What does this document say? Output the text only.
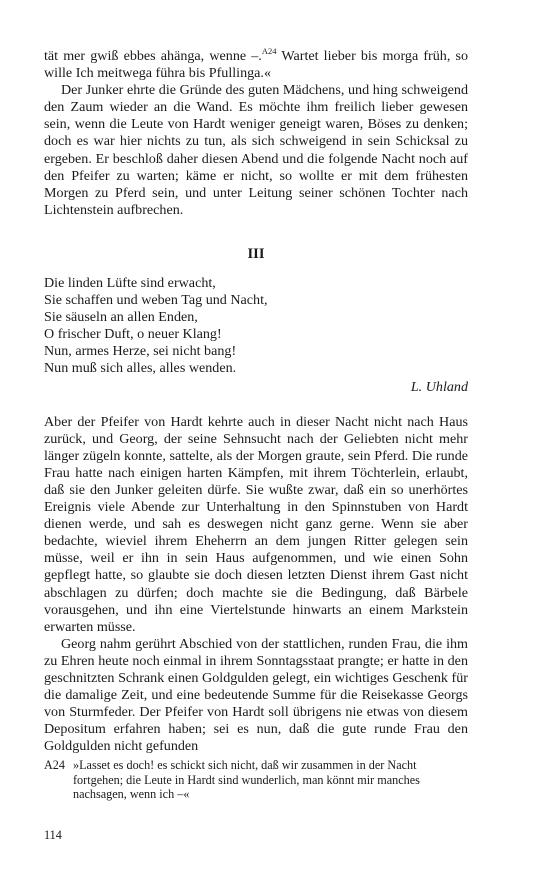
tät mer gwiß ebbes ahänga, wenne –.$^{A24}$ Wartet lieber bis morga früh, so wille Ich meitwega führa bis Pfullinga.«

Der Junker ehrte die Gründe des guten Mädchens, und hing schweigend den Zaum wieder an die Wand. Es möchte ihm freilich lieber gewesen sein, wenn die Leute von Hardt weniger geneigt waren, Böses zu denken; doch es war hier nichts zu tun, als sich schweigend in sein Schicksal zu ergeben. Er beschloß daher diesen Abend und die folgende Nacht noch auf den Pfeifer zu warten; käme er nicht, so wollte er mit dem frühesten Morgen zu Pferd sein, und unter Leitung seiner schönen Tochter nach Lichtenstein aufbrechen.

III
Die linden Lüfte sind erwacht,
Sie schaffen und weben Tag und Nacht,
Sie säuseln an allen Enden,
O frischer Duft, o neuer Klang!
Nun, armes Herze, sei nicht bang!
Nun muß sich alles, alles wenden.
L. Uhland

Aber der Pfeifer von Hardt kehrte auch in dieser Nacht nicht nach Haus zurück, und Georg, der seine Sehnsucht nach der Geliebten nicht mehr länger zügeln konnte, sattelte, als der Morgen graute, sein Pferd. Die runde Frau hatte nach einigen harten Kämpfen, mit ihrem Töchterlein, erlaubt, daß sie den Junker geleiten dürfe. Sie wußte zwar, daß ein so unerhörtes Ereignis viele Abende zur Unterhaltung in den Spinnstuben von Hardt dienen werde, und sah es deswegen nicht ganz gerne. Wenn sie aber bedachte, wieviel ihrem Eheherrn an dem jungen Ritter gelegen sein müsse, weil er ihn in sein Haus aufgenommen, und wie einen Sohn gepflegt hatte, so glaubte sie doch diesen letzten Dienst ihrem Gast nicht abschlagen zu dürfen; doch machte sie die Bedingung, daß Bärbele vorausgehen, und ihn eine Viertelstunde hinwarts an einem Markstein erwarten müsse.

Georg nahm gerührt Abschied von der stattlichen, runden Frau, die ihm zu Ehren heute noch einmal in ihrem Sonntagsstaat prangte; er hatte in den geschnitzten Schrank einen Goldgulden gelegt, ein wichtiges Geschenk für die damalige Zeit, und eine bedeutende Summe für die Reisekasse Georgs von Sturmfeder. Der Pfeifer von Hardt soll übrigens nie etwas von diesem Depositum erfahren haben; sei es nun, daß die gute runde Frau den Goldgulden nicht gefunden

A24 »Lasset es doch! es schickt sich nicht, daß wir zusammen in der Nacht fortgehen; die Leute in Hardt sind wunderlich, man könnt mir manches nachsagen, wenn ich –«
114
